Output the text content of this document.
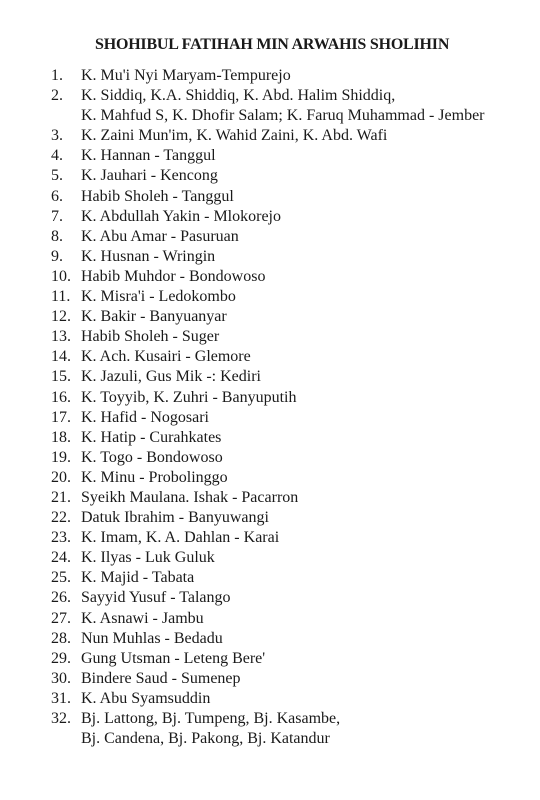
SHOHIBUL FATIHAH MIN ARWAHIS SHOLIHIN
1.	K. Mu'i Nyi Maryam-Tempurejo
2.	K. Siddiq, K.A. Shiddiq, K. Abd. Halim Shiddiq,
K. Mahfud S, K. Dhofir Salam; K. Faruq Muhammad - Jember
3.	K. Zaini Mun'im, K. Wahid Zaini, K. Abd. Wafi
4.	K. Hannan - Tanggul
5.	K. Jauhari - Kencong
6.	Habib Sholeh - Tanggul
7.	K. Abdullah Yakin - Mlokorejo
8.	K. Abu Amar - Pasuruan
9.	K. Husnan - Wringin
10. Habib Muhdor - Bondowoso
11. K. Misra'i - Ledokombo
12. K. Bakir - Banyuanyar
13. Habib Sholeh - Suger
14. K. Ach. Kusairi - Glemore
15. K. Jazuli, Gus Mik -: Kediri
16. K. Toyyib, K. Zuhri - Banyuputih
17. K. Hafid - Nogosari
18. K. Hatip - Curahkates
19. K. Togo - Bondowoso
20. K. Minu - Probolinggo
21. Syeikh Maulana. Ishak - Pacarron
22. Datuk Ibrahim - Banyuwangi
23. K. Imam, K. A. Dahlan - Karai
24. K. Ilyas - Luk Guluk
25. K. Majid - Tabata
26. Sayyid Yusuf - Talango
27. K. Asnawi - Jambu
28. Nun Muhlas - Bedadu
29. Gung Utsman - Leteng Bere'
30. Bindere Saud - Sumenep
31. K. Abu Syamsuddin
32. Bj. Lattong, Bj. Tumpeng, Bj. Kasambe,
Bj. Candena, Bj. Pakong, Bj. Katandur
